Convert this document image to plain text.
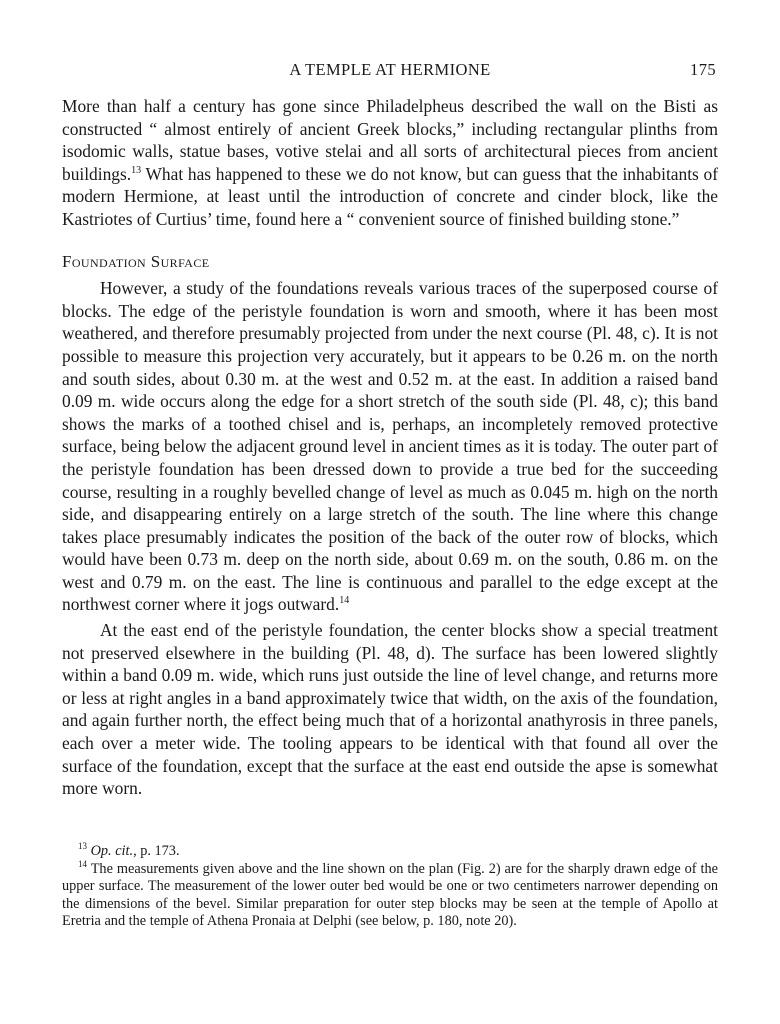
A TEMPLE AT HERMIONE	175

More than half a century has gone since Philadelpheus described the wall on the Bisti as constructed “ almost entirely of ancient Greek blocks,” including rectangular plinths from isodomic walls, statue bases, votive stelai and all sorts of architectural pieces from ancient buildings.$^{13}$ What has happened to these we do not know, but can guess that the inhabitants of modern Hermione, at least until the introduction of concrete and cinder block, like the Kastriotes of Curtius’ time, found here a “ convenient source of finished building stone.”

Foundation Surface

However, a study of the foundations reveals various traces of the superposed course of blocks. The edge of the peristyle foundation is worn and smooth, where it has been most weathered, and therefore presumably projected from under the next course (Pl. 48, c). It is not possible to measure this projection very accurately, but it appears to be 0.26 m. on the north and south sides, about 0.30 m. at the west and 0.52 m. at the east. In addition a raised band 0.09 m. wide occurs along the edge for a short stretch of the south side (Pl. 48, c); this band shows the marks of a toothed chisel and is, perhaps, an incompletely removed protective surface, being below the adjacent ground level in ancient times as it is today. The outer part of the peristyle foundation has been dressed down to provide a true bed for the succeeding course, resulting in a roughly bevelled change of level as much as 0.045 m. high on the north side, and disappearing entirely on a large stretch of the south. The line where this change takes place presumably indicates the position of the back of the outer row of blocks, which would have been 0.73 m. deep on the north side, about 0.69 m. on the south, 0.86 m. on the west and 0.79 m. on the east. The line is continuous and parallel to the edge except at the northwest corner where it jogs outward.$^{14}$

At the east end of the peristyle foundation, the center blocks show a special treatment not preserved elsewhere in the building (Pl. 48, d). The surface has been lowered slightly within a band 0.09 m. wide, which runs just outside the line of level change, and returns more or less at right angles in a band approximately twice that width, on the axis of the foundation, and again further north, the effect being much that of a horizontal anathyrosis in three panels, each over a meter wide. The tooling appears to be identical with that found all over the surface of the foundation, except that the surface at the east end outside the apse is somewhat more worn.

$^{13}$ Op. cit., p. 173.

$^{14}$ The measurements given above and the line shown on the plan (Fig. 2) are for the sharply drawn edge of the upper surface. The measurement of the lower outer bed would be one or two centimeters narrower depending on the dimensions of the bevel. Similar preparation for outer step blocks may be seen at the temple of Apollo at Eretria and the temple of Athena Pronaia at Delphi (see below, p. 180, note 20).
